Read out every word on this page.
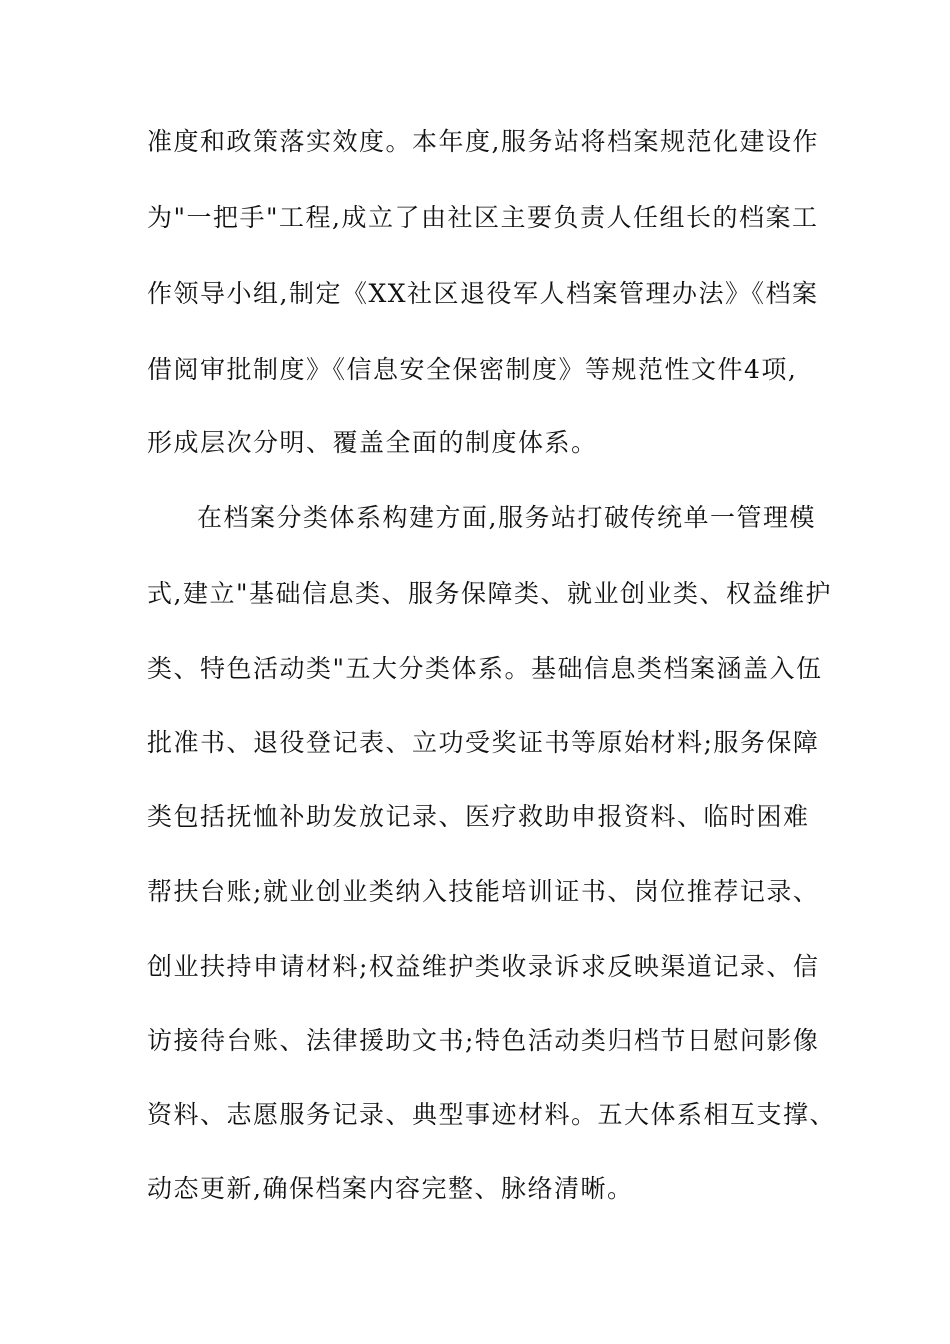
准度和政策落实效度。本年度,服务站将档案规范化建设作
为"一把手"工程,成立了由社区主要负责人任组长的档案工
作领导小组,制定《XX社区退役军人档案管理办法》《档案
借阅审批制度》《信息安全保密制度》等规范性文件4项,
形成层次分明、覆盖全面的制度体系。
在档案分类体系构建方面,服务站打破传统单一管理模
式,建立"基础信息类、服务保障类、就业创业类、权益维护
类、特色活动类"五大分类体系。基础信息类档案涵盖入伍
批准书、退役登记表、立功受奖证书等原始材料;服务保障
类包括抚恤补助发放记录、医疗救助申报资料、临时困难
帮扶台账;就业创业类纳入技能培训证书、岗位推荐记录、
创业扶持申请材料;权益维护类收录诉求反映渠道记录、信
访接待台账、法律援助文书;特色活动类归档节日慰问影像
资料、志愿服务记录、典型事迹材料。五大体系相互支撑、
动态更新,确保档案内容完整、脉络清晰。
